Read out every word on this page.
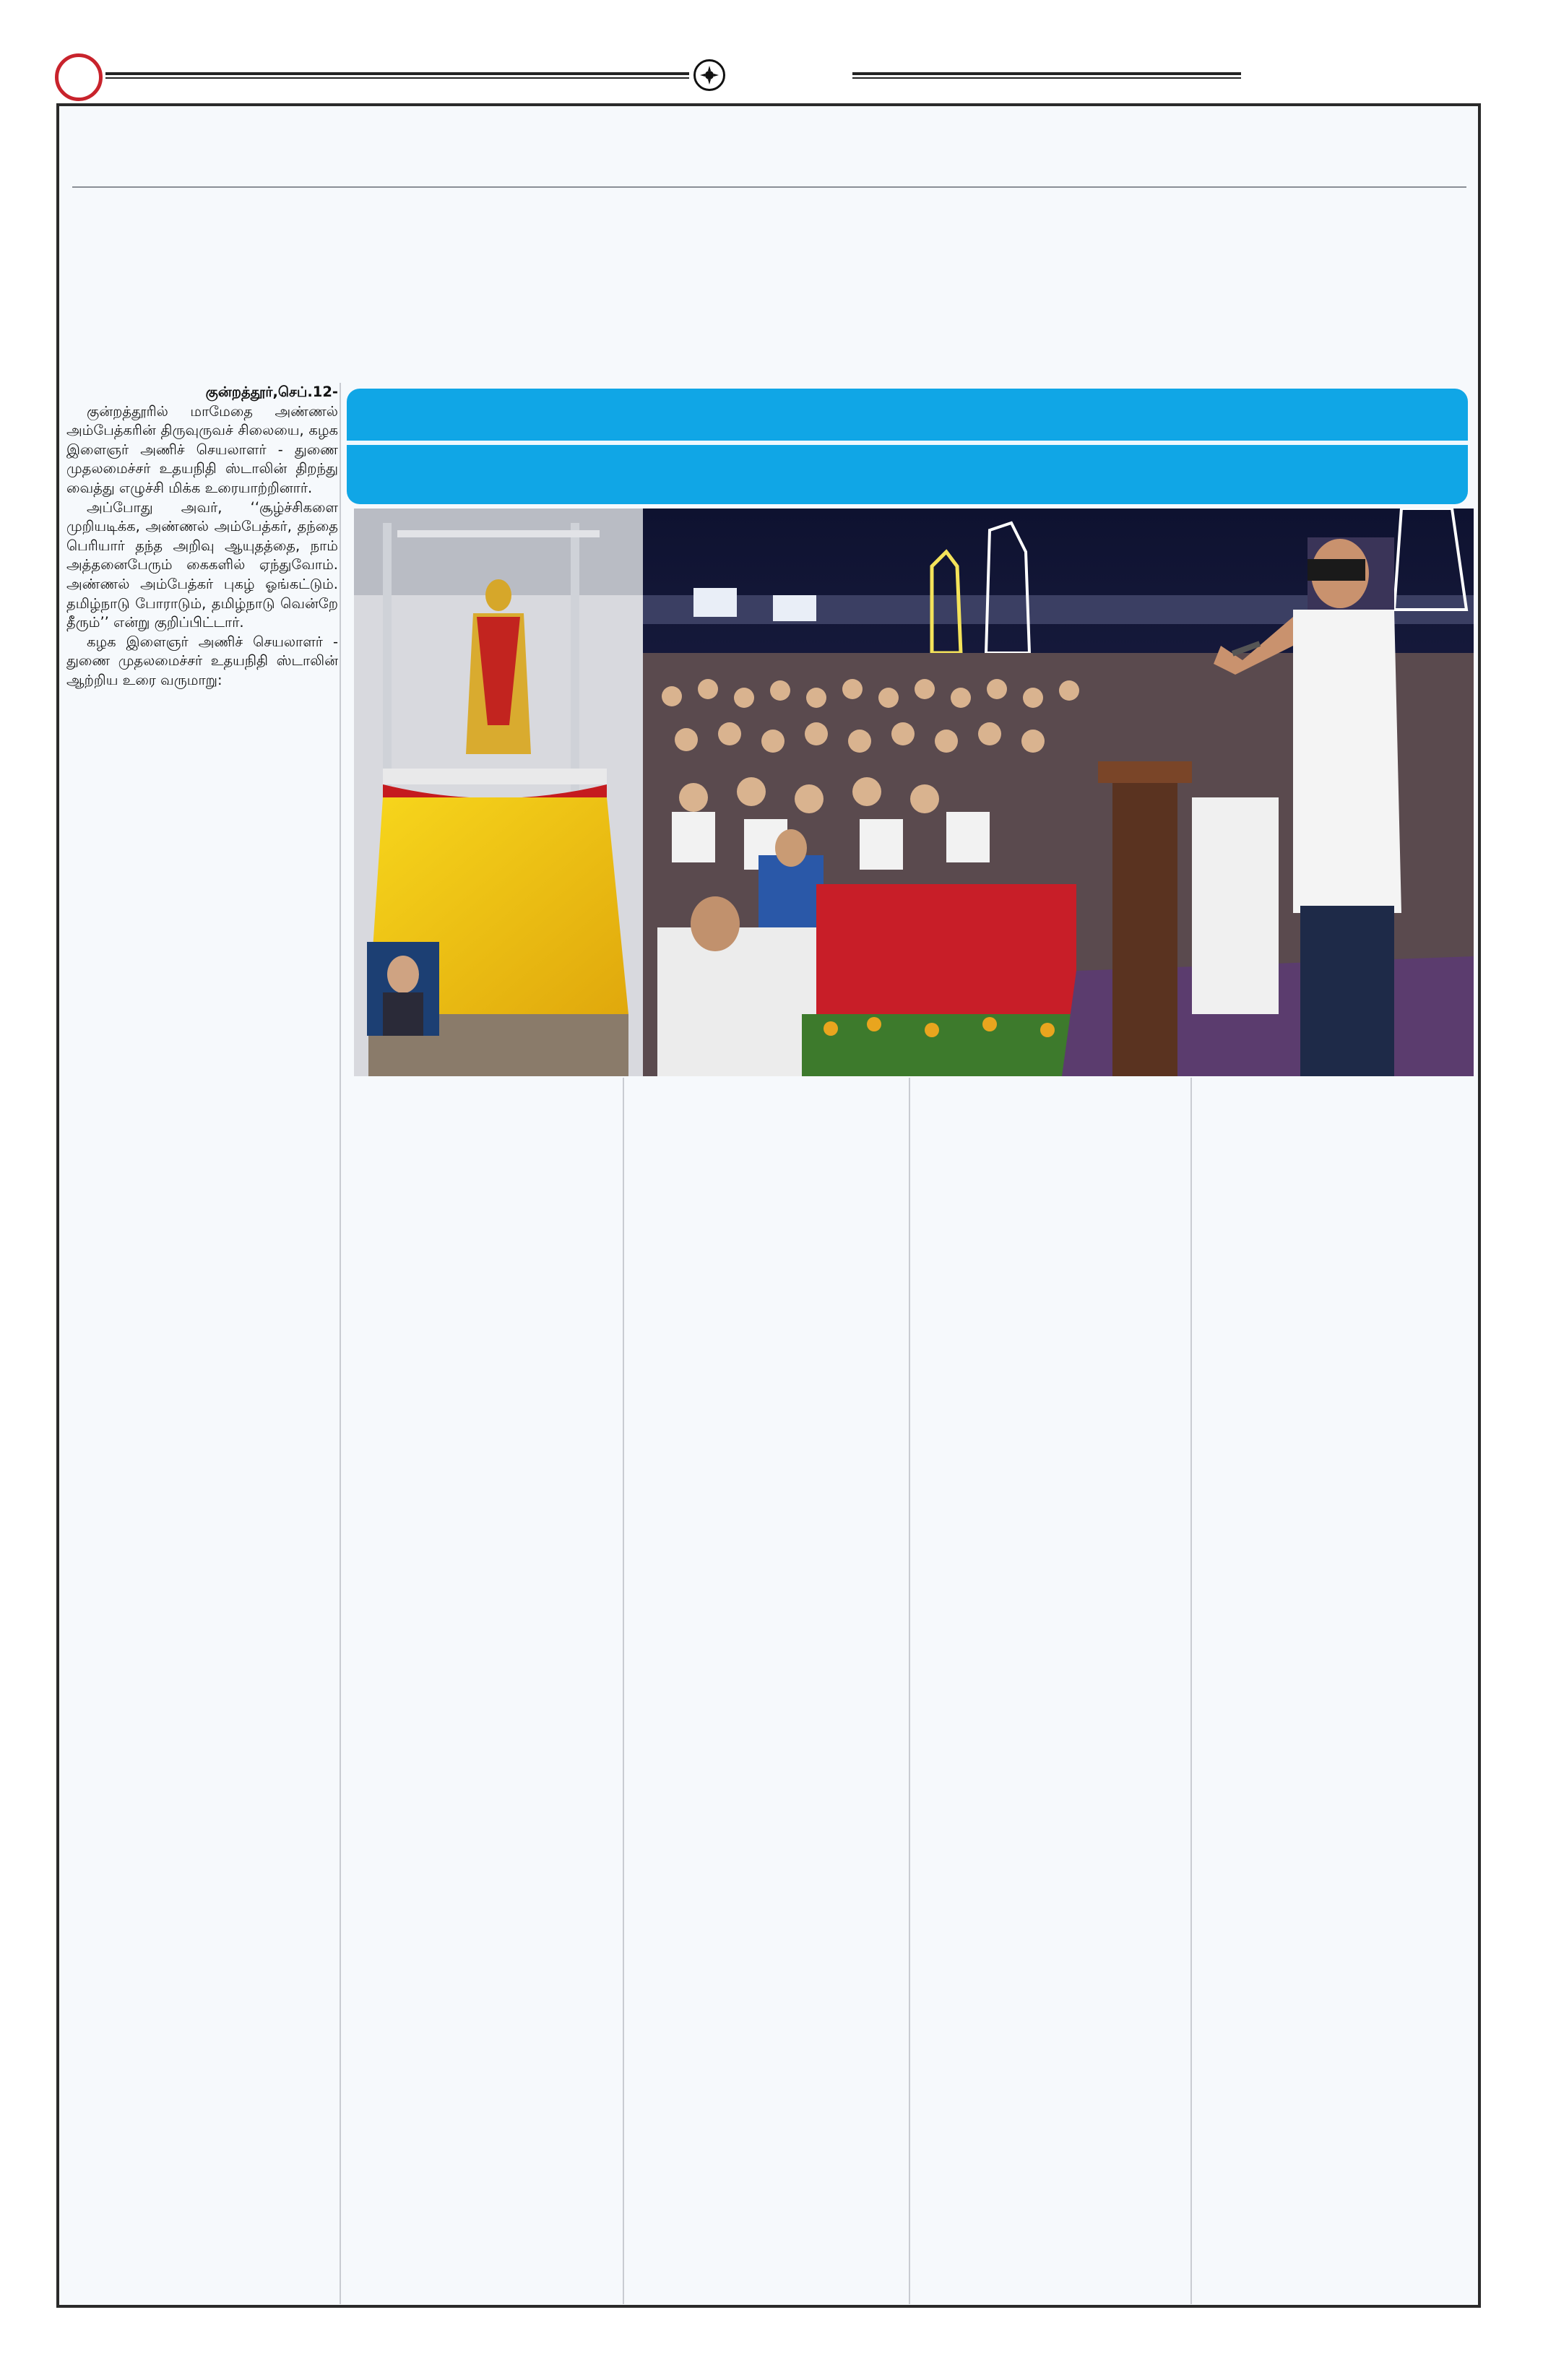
குன்றத்தூர்,செப்.12-

குன்றத்தூரில் மாமேதை அண்ணல் அம்பேத்கரின் திருவுருவச் சிலையை, கழக இளைஞர் அணிச் செயலாளர் - துணை முதலமைச்சர் உதயநிதி ஸ்டாலின் திறந்து வைத்து எழுச்சி மிக்க உரையாற்றினார்.

அப்போது அவர், ‘‘சூழ்ச்சிகளை முறியடிக்க, அண்ணல் அம்பேத்கர், தந்தை பெரியார் தந்த அறிவு ஆயுதத்தை, நாம் அத்தனைபேரும் கைகளில் ஏந்துவோம். அண்ணல் அம்பேத்கர் புகழ் ஓங்கட்டும். தமிழ்நாடு போராடும், தமிழ்நாடு வென்றே தீரும்’’ என்று குறிப்பிட்டார்.

கழக இளைஞர் அணிச் செயலாளர் - துணை முதலமைச்சர் உதயநிதி ஸ்டாலின் ஆற்றிய உரை வருமாறு:
